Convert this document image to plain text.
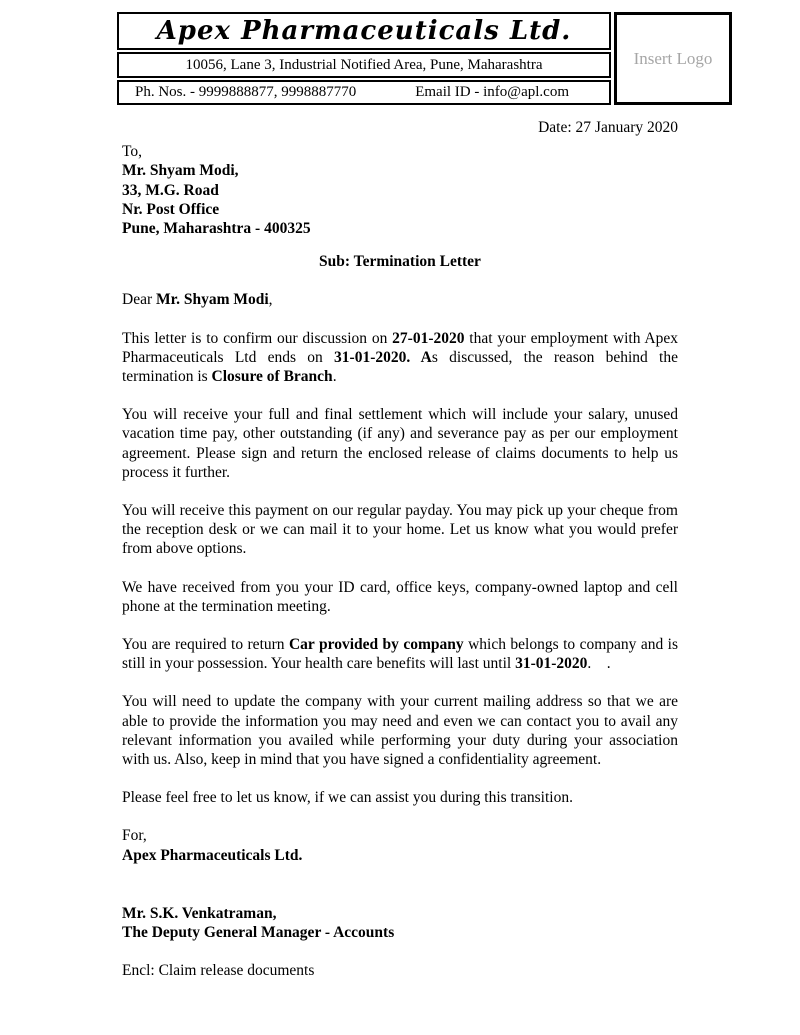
Apex Pharmaceuticals Ltd.
10056, Lane 3, Industrial Notified Area, Pune, Maharashtra
Ph. Nos. - 9999888877, 9998887770	Email ID - info@apl.com
Insert Logo
Date: 27 January 2020
To,
Mr. Shyam Modi,
33, M.G. Road
Nr. Post Office
Pune, Maharashtra - 400325
Sub: Termination Letter
Dear Mr. Shyam Modi,

This letter is to confirm our discussion on 27-01-2020 that your employment with Apex Pharmaceuticals Ltd ends on 31-01-2020. As discussed, the reason behind the termination is Closure of Branch.

You will receive your full and final settlement which will include your salary, unused vacation time pay, other outstanding (if any) and severance pay as per our employment agreement. Please sign and return the enclosed release of claims documents to help us process it further.

You will receive this payment on our regular payday. You may pick up your cheque from the reception desk or we can mail it to your home. Let us know what you would prefer from above options.

We have received from you your ID card, office keys, company-owned laptop and cell phone at the termination meeting.

You are required to return Car provided by company which belongs to company and is still in your possession. Your health care benefits will last until 31-01-2020.    .

You will need to update the company with your current mailing address so that we are able to provide the information you may need and even we can contact you to avail any relevant information you availed while performing your duty during your association with us. Also, keep in mind that you have signed a confidentiality agreement.

Please feel free to let us know, if we can assist you during this transition.

For,
Apex Pharmaceuticals Ltd.
Mr. S.K. Venkatraman,
The Deputy General Manager - Accounts
Encl: Claim release documents
